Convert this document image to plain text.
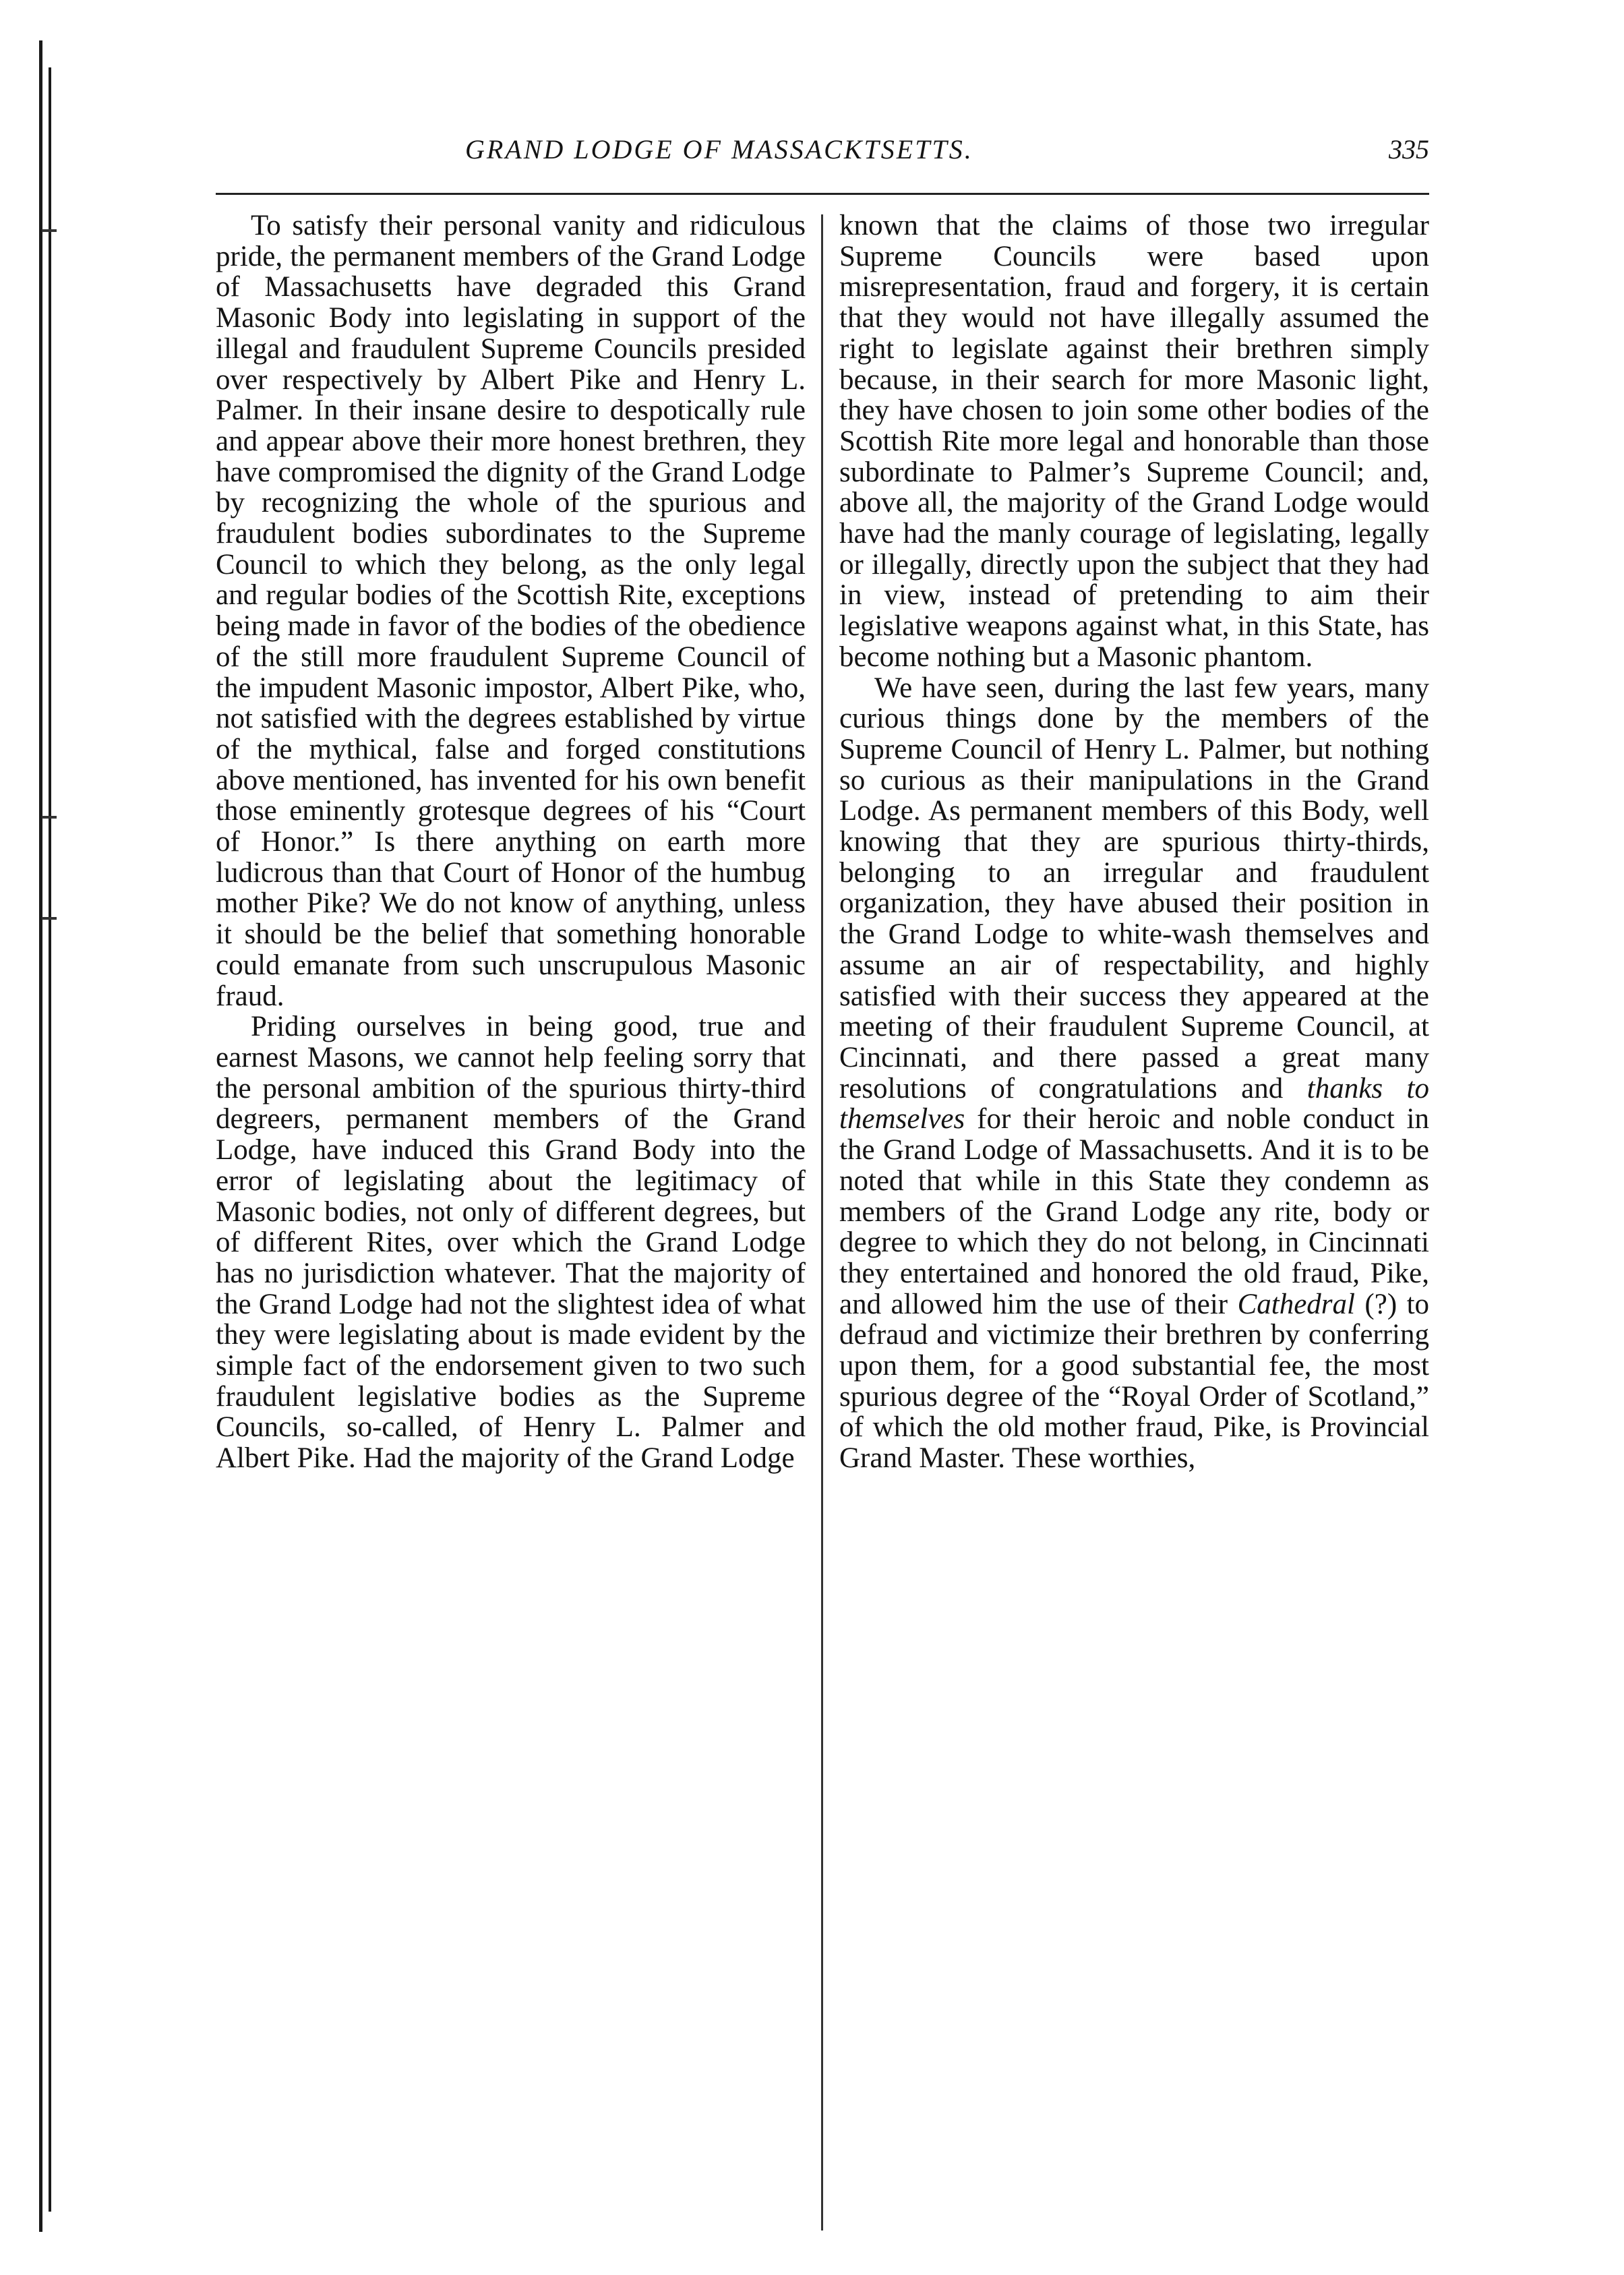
GRAND LODGE OF MASSACKTSETTS.	335

To satisfy their personal vanity and ridiculous pride, the permanent members of the Grand Lodge of Massachusetts have degraded this Grand Masonic Body into legislating in support of the illegal and fraudulent Supreme Councils presided over respectively by Albert Pike and Henry L. Palmer. In their insane desire to despotically rule and appear above their more honest brethren, they have compromised the dignity of the Grand Lodge by recognizing the whole of the spurious and fraudulent bodies subordinates to the Supreme Council to which they belong, as the only legal and regular bodies of the Scottish Rite, exceptions being made in favor of the bodies of the obedience of the still more fraudulent Supreme Council of the impudent Masonic impostor, Albert Pike, who, not satisfied with the degrees established by virtue of the mythical, false and forged constitutions above mentioned, has invented for his own benefit those eminently grotesque degrees of his “Court of Honor.” Is there anything on earth more ludicrous than that Court of Honor of the humbug mother Pike? We do not know of anything, unless it should be the belief that something honorable could emanate from such unscrupulous Masonic fraud.

Priding ourselves in being good, true and earnest Masons, we cannot help feeling sorry that the personal ambition of the spurious thirty-third degreers, permanent members of the Grand Lodge, have induced this Grand Body into the error of legislating about the legitimacy of Masonic bodies, not only of different degrees, but of different Rites, over which the Grand Lodge has no jurisdiction whatever. That the majority of the Grand Lodge had not the slightest idea of what they were legislating about is made evident by the simple fact of the endorsement given to two such fraudulent legislative bodies as the Supreme Councils, so-called, of Henry L. Palmer and Albert Pike. Had the majority of the Grand Lodge

known that the claims of those two irregular Supreme Councils were based upon misrepresentation, fraud and forgery, it is certain that they would not have illegally assumed the right to legislate against their brethren simply because, in their search for more Masonic light, they have chosen to join some other bodies of the Scottish Rite more legal and honorable than those subordinate to Palmer’s Supreme Council; and, above all, the majority of the Grand Lodge would have had the manly courage of legislating, legally or illegally, directly upon the subject that they had in view, instead of pretending to aim their legislative weapons against what, in this State, has become nothing but a Masonic phantom.

We have seen, during the last few years, many curious things done by the members of the Supreme Council of Henry L. Palmer, but nothing so curious as their manipulations in the Grand Lodge. As permanent members of this Body, well knowing that they are spurious thirty-thirds, belonging to an irregular and fraudulent organization, they have abused their position in the Grand Lodge to white-wash themselves and assume an air of respectability, and highly satisfied with their success they appeared at the meeting of their fraudulent Supreme Council, at Cincinnati, and there passed a great many resolutions of congratulations and thanks to themselves for their heroic and noble conduct in the Grand Lodge of Massachusetts. And it is to be noted that while in this State they condemn as members of the Grand Lodge any rite, body or degree to which they do not belong, in Cincinnati they entertained and honored the old fraud, Pike, and allowed him the use of their Cathedral (?) to defraud and victimize their brethren by conferring upon them, for a good substantial fee, the most spurious degree of the “Royal Order of Scotland,” of which the old mother fraud, Pike, is Provincial Grand Master. These worthies,
